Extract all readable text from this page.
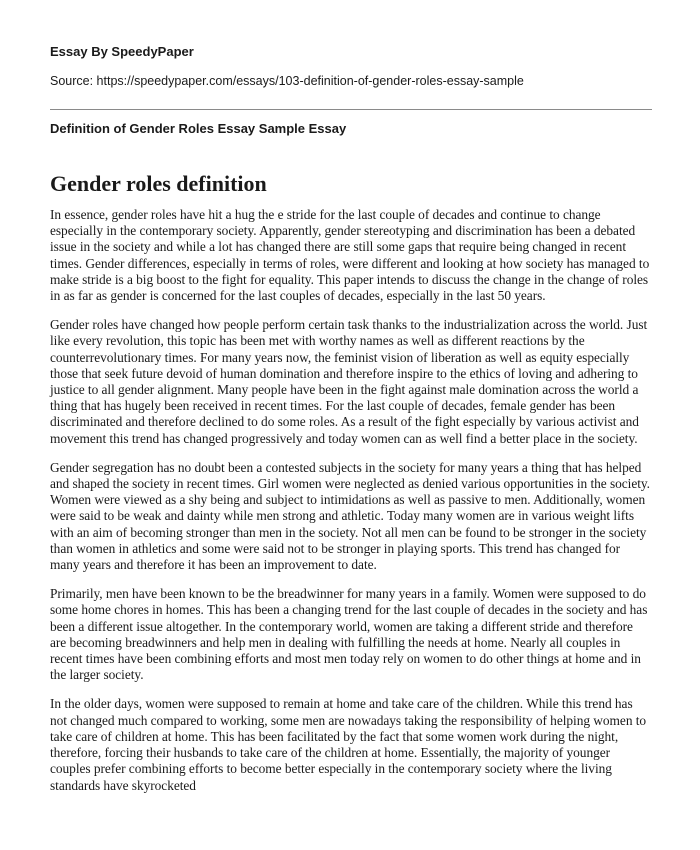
Essay By SpeedyPaper
Source: https://speedypaper.com/essays/103-definition-of-gender-roles-essay-sample
Definition of Gender Roles Essay Sample Essay
Gender roles definition

In essence, gender roles have hit a hug the e stride for the last couple of decades and continue to change especially in the contemporary society. Apparently, gender stereotyping and discrimination has been a debated issue in the society and while a lot has changed there are still some gaps that require being changed in recent times. Gender differences, especially in terms of roles, were different and looking at how society has managed to make stride is a big boost to the fight for equality. This paper intends to discuss the change in the change of roles in as far as gender is concerned for the last couples of decades, especially in the last 50 years.

Gender roles have changed how people perform certain task thanks to the industrialization across the world. Just like every revolution, this topic has been met with worthy names as well as different reactions by the counterrevolutionary times. For many years now, the feminist vision of liberation as well as equity especially those that seek future devoid of human domination and therefore inspire to the ethics of loving and adhering to justice to all gender alignment. Many people have been in the fight against male domination across the world a thing that has hugely been received in recent times. For the last couple of decades, female gender has been discriminated and therefore declined to do some roles. As a result of the fight especially by various activist and movement this trend has changed progressively and today women can as well find a better place in the society.

Gender segregation has no doubt been a contested subjects in the society for many years a thing that has helped and shaped the society in recent times. Girl women were neglected as denied various opportunities in the society. Women were viewed as a shy being and subject to intimidations as well as passive to men. Additionally, women were said to be weak and dainty while men strong and athletic. Today many women are in various weight lifts with an aim of becoming stronger than men in the society. Not all men can be found to be stronger in the society than women in athletics and some were said not to be stronger in playing sports. This trend has changed for many years and therefore it has been an improvement to date.

Primarily, men have been known to be the breadwinner for many years in a family. Women were supposed to do some home chores in homes. This has been a changing trend for the last couple of decades in the society and has been a different issue altogether. In the contemporary world, women are taking a different stride and therefore are becoming breadwinners and help men in dealing with fulfilling the needs at home. Nearly all couples in recent times have been combining efforts and most men today rely on women to do other things at home and in the larger society.

In the older days, women were supposed to remain at home and take care of the children. While this trend has not changed much compared to working, some men are nowadays taking the responsibility of helping women to take care of children at home. This has been facilitated by the fact that some women work during the night, therefore, forcing their husbands to take care of the children at home. Essentially, the majority of younger couples prefer combining efforts to become better especially in the contemporary society where the living standards have skyrocketed
